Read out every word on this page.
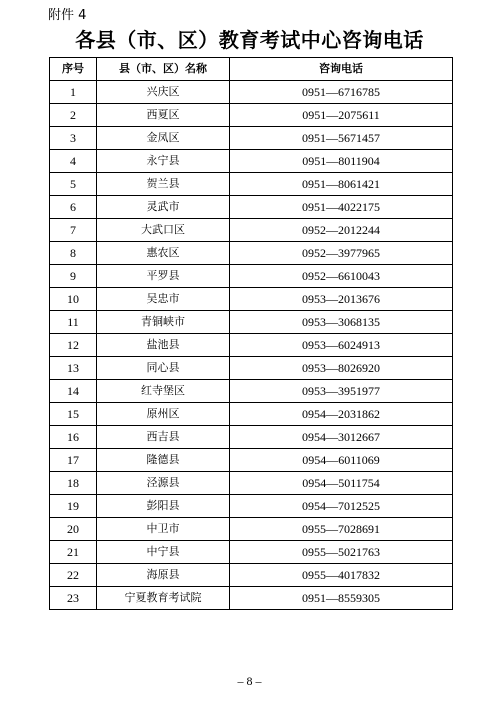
附件 4
各县（市、区）教育考试中心咨询电话
序号	县（市、区）名称	咨询电话
1	兴庆区	0951—6716785
2	西夏区	0951—2075611
3	金凤区	0951—5671457
4	永宁县	0951—8011904
5	贺兰县	0951—8061421
6	灵武市	0951—4022175
7	大武口区	0952—2012244
8	惠农区	0952—3977965
9	平罗县	0952—6610043
10	吴忠市	0953—2013676
11	青铜峡市	0953—3068135
12	盐池县	0953—6024913
13	同心县	0953—8026920
14	红寺堡区	0953—3951977
15	原州区	0954—2031862
16	西吉县	0954—3012667
17	隆德县	0954—6011069
18	泾源县	0954—5011754
19	彭阳县	0954—7012525
20	中卫市	0955—7028691
21	中宁县	0955—5021763
22	海原县	0955—4017832
23	宁夏教育考试院	0951—8559305
– 8 –
